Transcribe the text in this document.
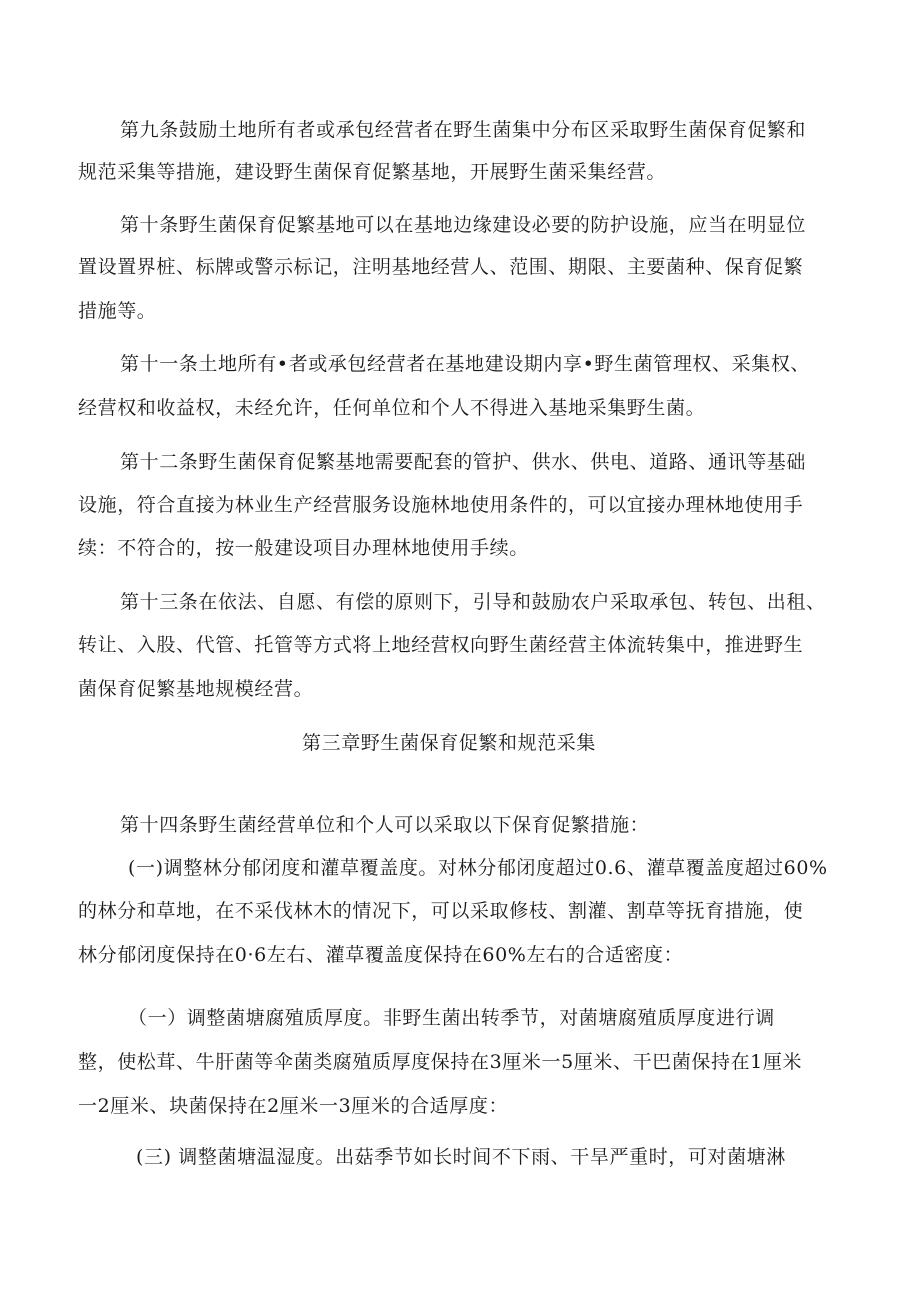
第九条鼓励土地所有者或承包经营者在野生菌集中分布区采取野生菌保育促繁和
规范采集等措施，建设野生菌保育促繁基地，开展野生菌采集经营。
第十条野生菌保育促繁基地可以在基地边缘建设必要的防护设施，应当在明显位
置设置界桩、标牌或警示标记，注明基地经营人、范围、期限、主要菌种、保育促繁
措施等。
第十一条土地所有•者或承包经营者在基地建设期内享•野生菌管理权、采集权、
经营权和收益权，未经允许，任何单位和个人不得进入基地采集野生菌。
第十二条野生菌保育促繁基地需要配套的管护、供水、供电、道路、通讯等基础
设施，符合直接为林业生产经营服务设施林地使用条件的，可以宜接办理林地使用手
续：不符合的，按一般建设项目办理林地使用手续。
第十三条在依法、自愿、有偿的原则下，引导和鼓励农户采取承包、转包、出租、
转让、入股、代管、托管等方式将上地经营权向野生菌经营主体流转集中，推进野生
菌保育促繁基地规模经营。
第三章野生菌保育促繁和规范采集
第十四条野生菌经营单位和个人可以采取以下保育促繁措施：
(一)调整林分郁闭度和灌草覆盖度。对林分郁闭度超过0.6、灌草覆盖度超过60%
的林分和草地，在不采伐林木的情况下，可以采取修枝、割灌、割草等抚育措施，使
林分郁闭度保持在0·6左右、灌草覆盖度保持在60%左右的合适密度：
（一）调整菌塘腐殖质厚度。非野生菌出转季节，对菌塘腐殖质厚度进行调
整，使松茸、牛肝菌等伞菌类腐殖质厚度保持在3厘米一5厘米、干巴菌保持在1厘米
一2厘米、块菌保持在2厘米一3厘米的合适厚度：
(三) 调整菌塘温湿度。出菇季节如长时间不下雨、干旱严重时，可对菌塘淋
